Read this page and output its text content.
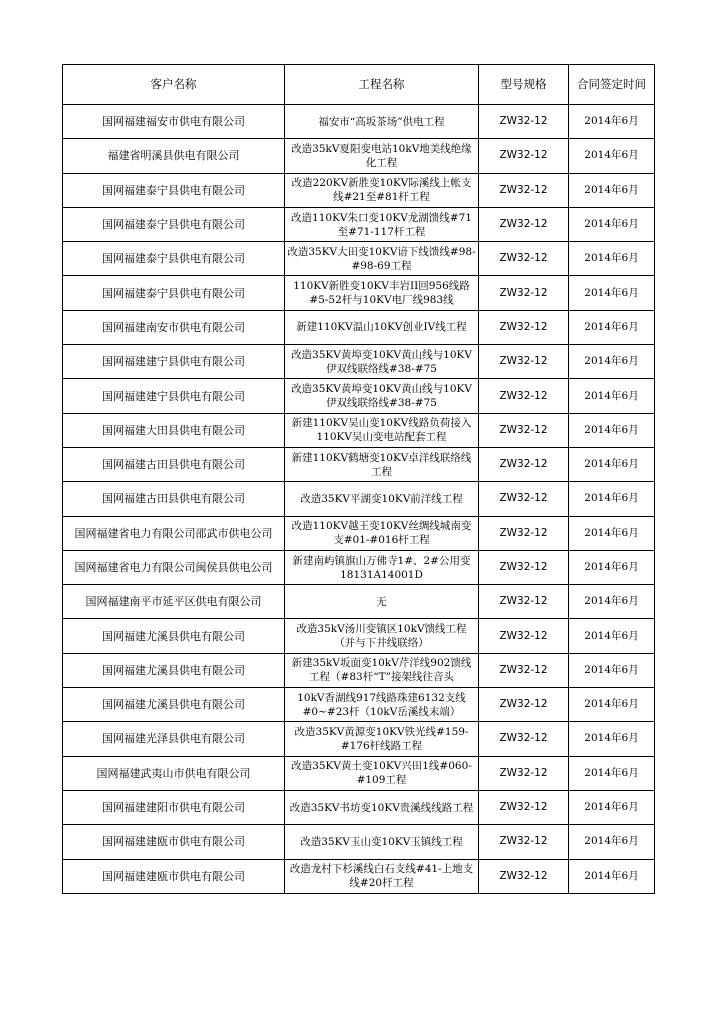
客户名称	工程名称	型号规格	合同签定时间
国网福建福安市供电有限公司	福安市“高坂茶场”供电工程	ZW32-12	2014年6月
福建省明溪县供电有限公司	改造35kV夏阳变电站10kV地美线绝缘化工程	ZW32-12	2014年6月
国网福建泰宁县供电有限公司	改造220KV新胜变10KV际溪线上帐支线#21至#81杆工程	ZW32-12	2014年6月
国网福建泰宁县供电有限公司	改造110KV朱口变10KV龙湖馈线#71至#71-117杆工程	ZW32-12	2014年6月
国网福建泰宁县供电有限公司	改造35KV大田变10KV谙下线馈线#98-#98-69工程	ZW32-12	2014年6月
国网福建泰宁县供电有限公司	110KV新胜变10KV丰岩II回956线路#5-52杆与10KV电厂线983线	ZW32-12	2014年6月
国网福建南安市供电有限公司	新建110KV温山10KV创业IV线工程	ZW32-12	2014年6月
国网福建建宁县供电有限公司	改造35KV黄埠变10KV黄山线与10KV伊双线联络线#38-#75	ZW32-12	2014年6月
国网福建建宁县供电有限公司	改造35KV黄埠变10KV黄山线与10KV伊双线联络线#38-#75	ZW32-12	2014年6月
国网福建大田县供电有限公司	新建110KV吴山变10KV线路负荷接入110KV吴山变电站配套工程	ZW32-12	2014年6月
国网福建古田县供电有限公司	新建110KV鹤塘变10KV卓洋线联络线工程	ZW32-12	2014年6月
国网福建古田县供电有限公司	改造35KV平湖变10KV前洋线工程	ZW32-12	2014年6月
国网福建省电力有限公司邵武市供电公司	改造110KV越王变10KV丝绸线城南变支#01-#016杆工程	ZW32-12	2014年6月
国网福建省电力有限公司闽侯县供电公司	新建南屿镇旗山万佛寺1#、2#公用变18131A14001D	ZW32-12	2014年6月
国网福建南平市延平区供电有限公司	无	ZW32-12	2014年6月
国网福建尤溪县供电有限公司	改造35kV汤川变镇区10kV馈线工程（并与下井线联络）	ZW32-12	2014年6月
国网福建尤溪县供电有限公司	新建35kV坂面变10kV芹洋线902馈线工程（#83杆“T”接架线往音头	ZW32-12	2014年6月
国网福建尤溪县供电有限公司	10kV香湖线917线路珠建6132支线#0~#23杆（10kV岳溪线末端）	ZW32-12	2014年6月
国网福建光泽县供电有限公司	改造35KV黄源变10KV铁光线#159-#176杆线路工程	ZW32-12	2014年6月
国网福建武夷山市供电有限公司	改造35KV黄土变10KV兴田1线#060-#109工程	ZW32-12	2014年6月
国网福建建阳市供电有限公司	改造35KV书坊变10KV贵溪线线路工程	ZW32-12	2014年6月
国网福建建瓯市供电有限公司	改造35KV玉山变10KV玉镇线工程	ZW32-12	2014年6月
国网福建建瓯市供电有限公司	改造龙村下杉溪线白石支线#41-上地支线#20杆工程	ZW32-12	2014年6月
